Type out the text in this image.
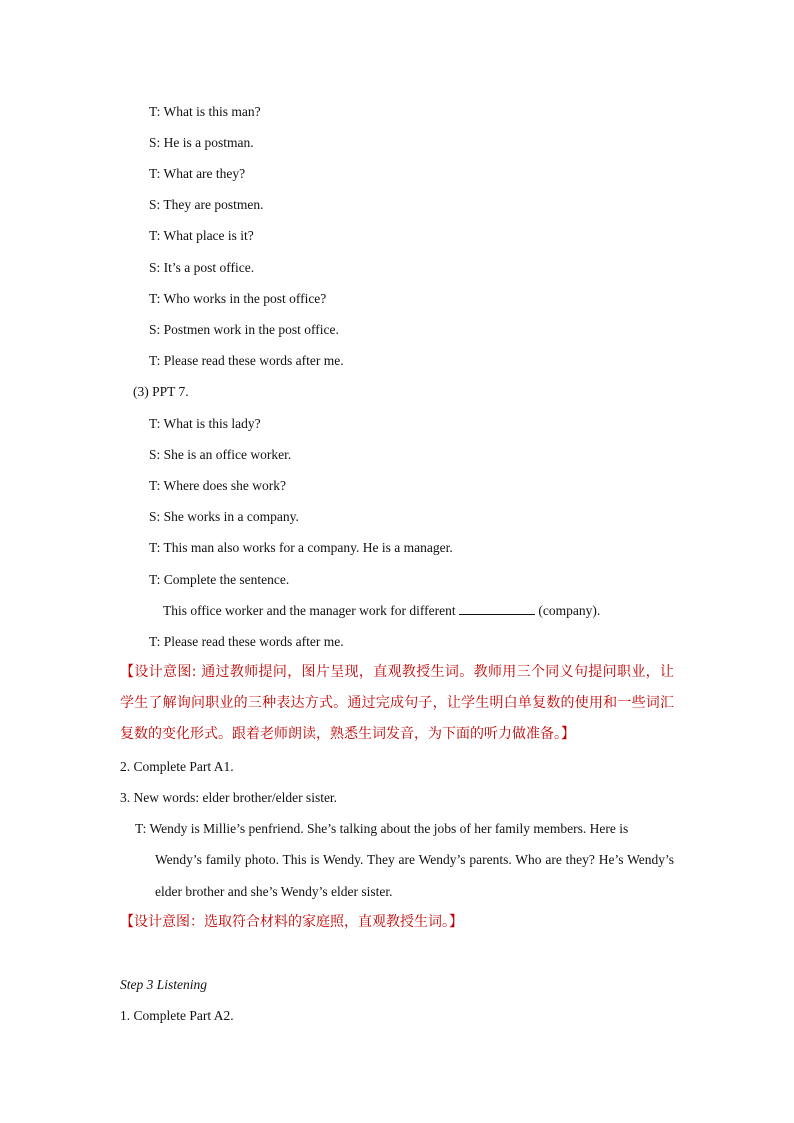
T: What is this man?
S: He is a postman.
T: What are they?
S: They are postmen.
T: What place is it?
S: It’s a post office.
T: Who works in the post office?
S: Postmen work in the post office.
T: Please read these words after me.
(3) PPT 7.
T: What is this lady?
S: She is an office worker.
T: Where does she work?
S: She works in a company.
T: This man also works for a company. He is a manager.
T: Complete the sentence.
This office worker and the manager work for different	(company).
T: Please read these words after me.
【设计意图: 通过教师提问，图片呈现，直观教授生词。教师用三个同义句提问职业，让学生了解询问职业的三种表达方式。通过完成句子，让学生明白单复数的使用和一些词汇复数的变化形式。跟着老师朗读，熟悉生词发音，为下面的听力做准备。】
2. Complete Part A1.
3. New words: elder brother/elder sister.
T: Wendy is Millie’s penfriend. She’s talking about the jobs of her family members. Here is
Wendy’s family photo. This is Wendy. They are Wendy’s parents. Who are they? He’s Wendy’s elder brother and she’s Wendy’s elder sister.
【设计意图：选取符合材料的家庭照，直观教授生词。】
Step 3 Listening
1. Complete Part A2.
